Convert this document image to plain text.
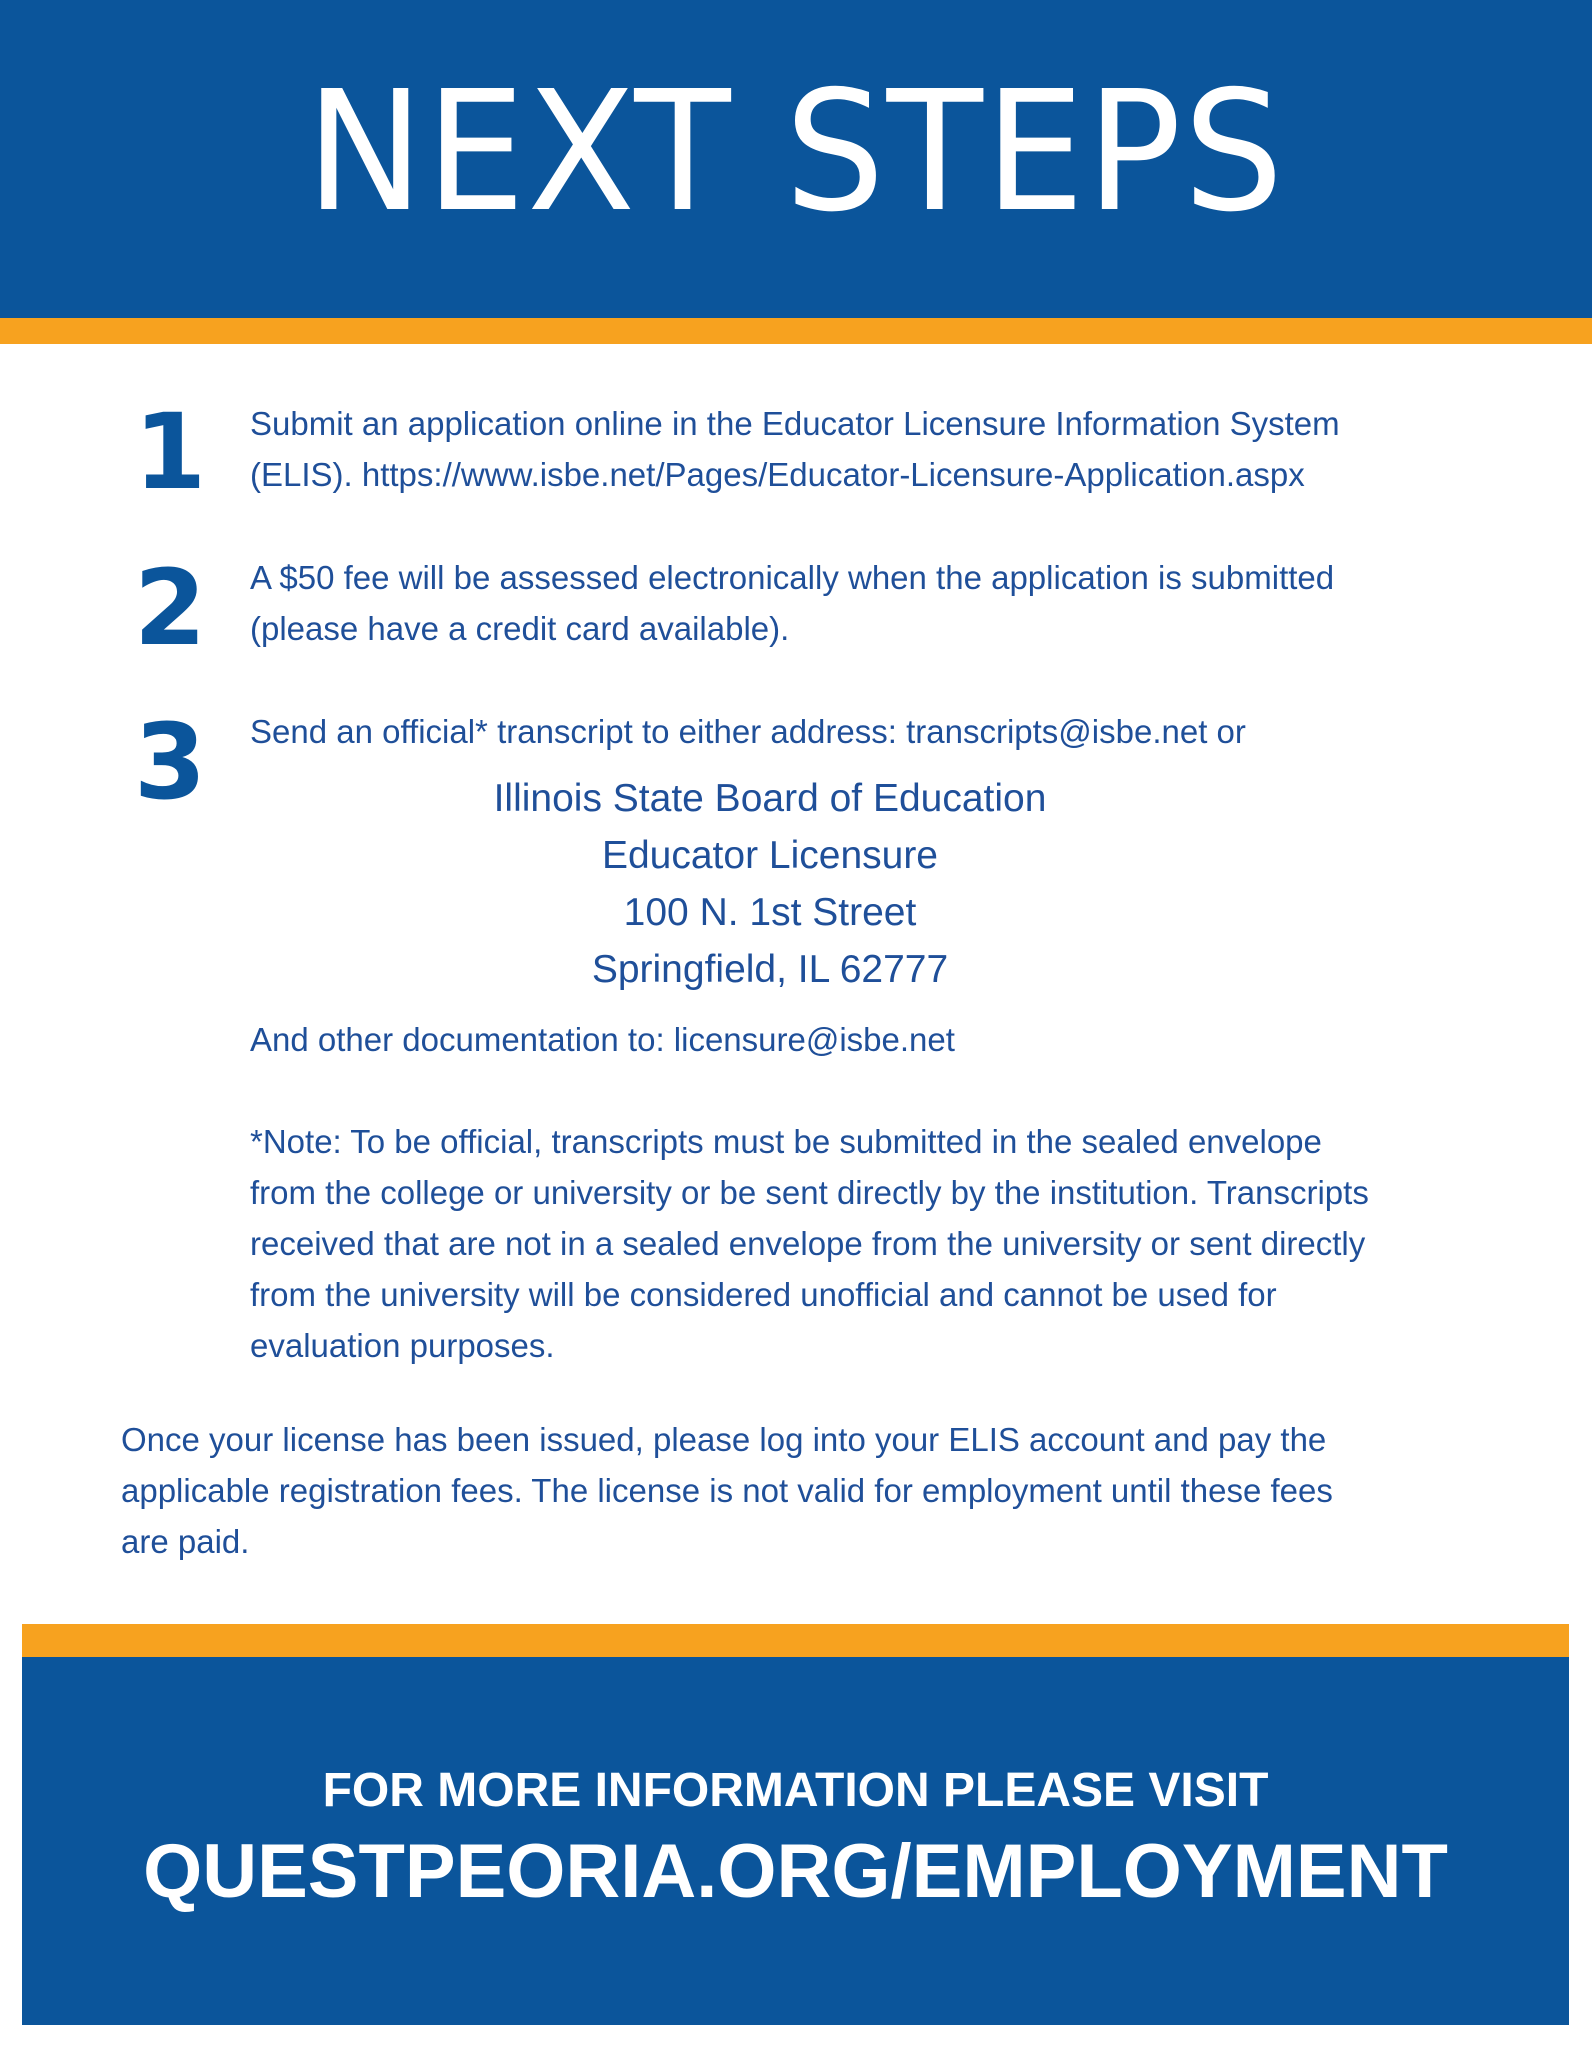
NEXT STEPS
1 Submit an application online in the Educator Licensure Information System

(ELIS). https://www.isbe.net/Pages/Educator-Licensure-Application.aspx

2 A $50 fee will be assessed electronically when the application is submitted

(please have a credit card available).

3 Send an official* transcript to either address: transcripts@isbe.net or

Illinois State Board of Education
Educator Licensure
100 N. 1st Street
Springfield, IL 62777
And other documentation to: licensure@isbe.net
*Note: To be official, transcripts must be submitted in the sealed envelope
from the college or university or be sent directly by the institution. Transcripts
received that are not in a sealed envelope from the university or sent directly
from the university will be considered unofficial and cannot be used for
evaluation purposes.
Once your license has been issued, please log into your ELIS account and pay the
applicable registration fees. The license is not valid for employment until these fees
are paid.
FOR MORE INFORMATION PLEASE VISIT
QUESTPEORIA.ORG/EMPLOYMENT
